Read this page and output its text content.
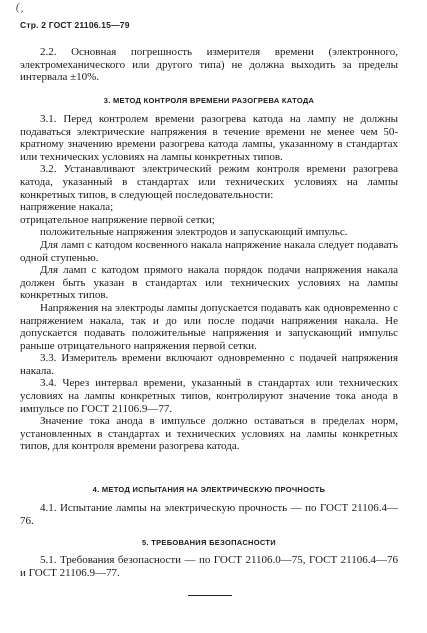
( ̧
Стр. 2 ГОСТ 21106.15—79

2.2. Основная погрешность измерителя времени (электронного, электромеханического или другого типа) не должна выходить за пределы интервала ±10%.

3. МЕТОД КОНТРОЛЯ ВРЕМЕНИ РАЗОГРЕВА КАТОДА

3.1. Перед контролем времени разогрева катода на лампу не должны подаваться электрические напряжения в течение времени не менее чем 50-кратному значению времени разогрева катода лампы, указанному в стандартах или технических условиях на лампы конкретных типов.

3.2. Устанавливают электрический режим контроля времени разогрева катода, указанный в стандартах или технических условиях на лампы конкретных типов, в следующей последовательности:

напряжение накала;

отрицательное напряжение первой сетки;

положительные напряжения электродов и запускающий импульс.

Для ламп с катодом косвенного накала напряжение накала следует подавать одной ступенью.

Для ламп с катодом прямого накала порядок подачи напряжения накала должен быть указан в стандартах или технических условиях на лампы конкретных типов.

Напряжения на электроды лампы допускается подавать как одновременно с напряжением накала, так и до или после подачи напряжения накала. Не допускается подавать положительные напряжения и запускающий импульс раньше отрицательного напряжения первой сетки.

3.3. Измеритель времени включают одновременно с подачей напряжения накала.

3.4. Через интервал времени, указанный в стандартах или технических условиях на лампы конкретных типов, контролируют значение тока анода в импульсе по ГОСТ 21106.9—77.

Значение тока анода в импульсе должно оставаться в пределах норм, установленных в стандартах и технических условиях на лампы конкретных типов, для контроля времени разогрева катода.

4. МЕТОД ИСПЫТАНИЯ НА ЭЛЕКТРИЧЕСКУЮ ПРОЧНОСТЬ

4.1. Испытание лампы на электрическую прочность — по ГОСТ 21106.4—76.

5. ТРЕБОВАНИЯ БЕЗОПАСНОСТИ

5.1. Требования безопасности — по ГОСТ 21106.0—75, ГОСТ 21106.4—76 и ГОСТ 21106.9—77.
